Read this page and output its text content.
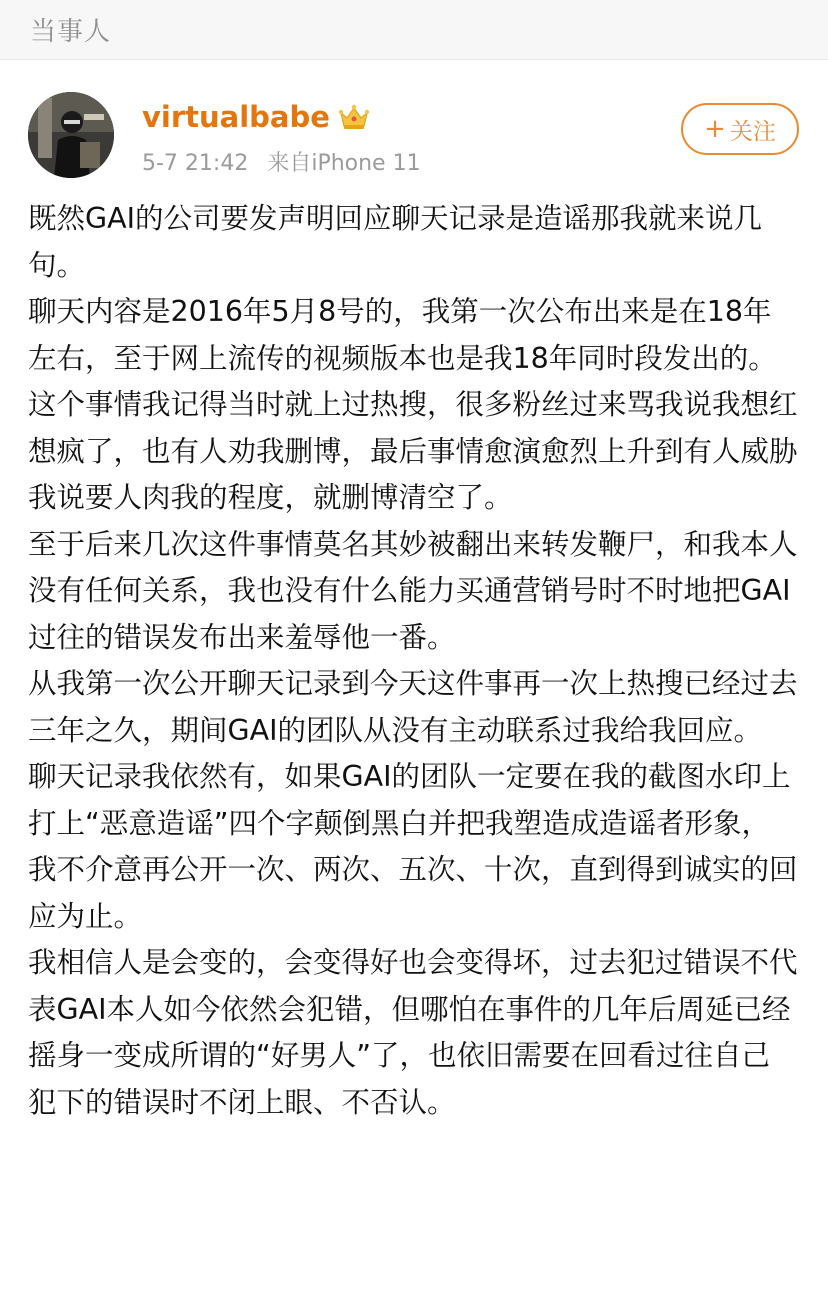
当事人
virtualbabe
5-7 21:42 来自iPhone 11
+ 关注

既然GAI的公司要发声明回应聊天记录是造谣那我就来说几句。

聊天内容是2016年5月8号的，我第一次公布出来是在18年左右，至于网上流传的视频版本也是我18年同时段发出的。

这个事情我记得当时就上过热搜，很多粉丝过来骂我说我想红想疯了，也有人劝我删博，最后事情愈演愈烈上升到有人威胁我说要人肉我的程度，就删博清空了。

至于后来几次这件事情莫名其妙被翻出来转发鞭尸，和我本人没有任何关系，我也没有什么能力买通营销号时不时地把GAI过往的错误发布出来羞辱他一番。

从我第一次公开聊天记录到今天这件事再一次上热搜已经过去三年之久，期间GAI的团队从没有主动联系过我给我回应。

聊天记录我依然有，如果GAI的团队一定要在我的截图水印上打上“恶意造谣”四个字颠倒黑白并把我塑造成造谣者形象，我不介意再公开一次、两次、五次、十次，直到得到诚实的回应为止。

我相信人是会变的，会变得好也会变得坏，过去犯过错误不代表GAI本人如今依然会犯错，但哪怕在事件的几年后周延已经摇身一变成所谓的“好男人”了，也依旧需要在回看过往自己犯下的错误时不闭上眼、不否认。
